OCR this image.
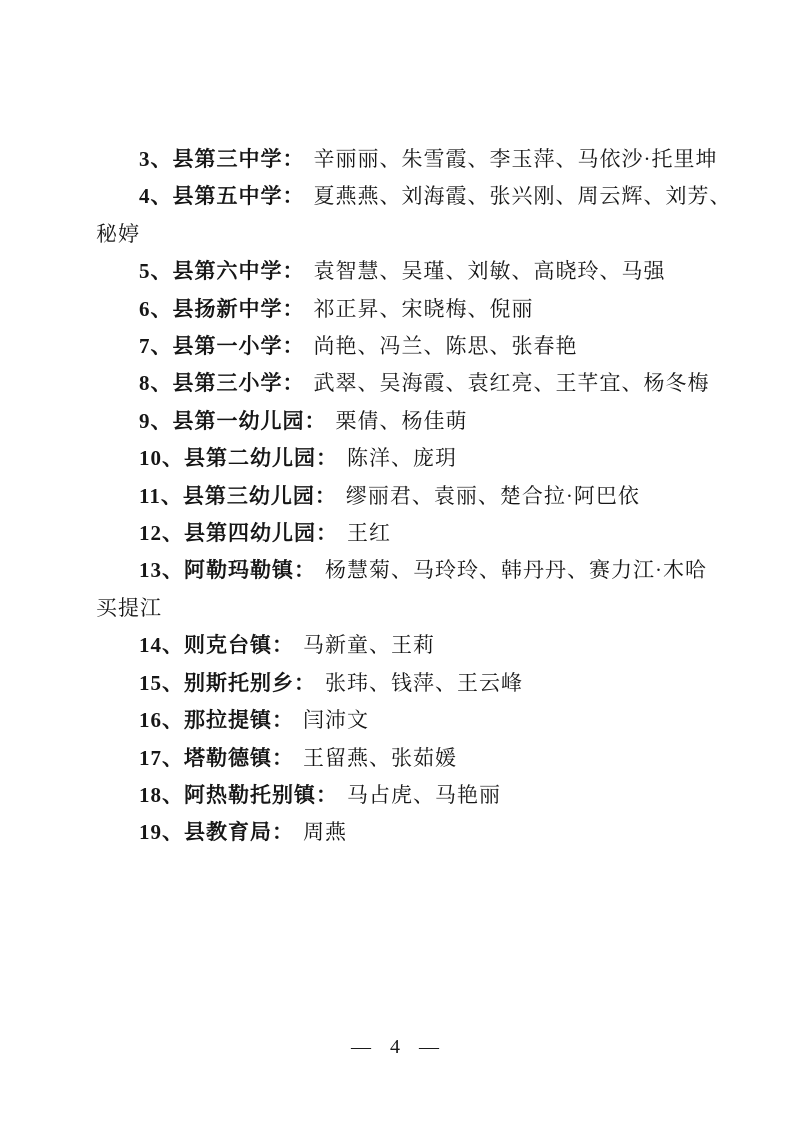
3、县第三中学： 辛丽丽、朱雪霞、李玉萍、马依沙·托里坤

4、县第五中学： 夏燕燕、刘海霞、张兴刚、周云辉、刘芳、

秘婷

5、县第六中学： 袁智慧、吴瑾、刘敏、高晓玲、马强

6、县扬新中学： 祁正昇、宋晓梅、倪丽

7、县第一小学： 尚艳、冯兰、陈思、张春艳

8、县第三小学： 武翠、吴海霞、袁红亮、王芊宜、杨冬梅

9、县第一幼儿园： 栗倩、杨佳萌

10、县第二幼儿园： 陈洋、庞玥

11、县第三幼儿园： 缪丽君、袁丽、楚合拉·阿巴依

12、县第四幼儿园： 王红

13、阿勒玛勒镇： 杨慧菊、马玲玲、韩丹丹、赛力江·木哈

买提江

14、则克台镇： 马新童、王莉

15、别斯托别乡： 张玮、钱萍、王云峰

16、那拉提镇： 闫沛文

17、塔勒德镇： 王留燕、张茹媛

18、阿热勒托别镇： 马占虎、马艳丽

19、县教育局： 周燕

— 4 —
